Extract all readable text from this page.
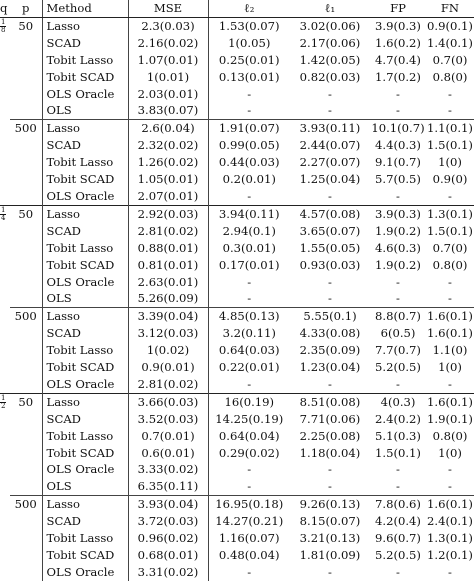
q	p	Method	MSE	ℓ₂	ℓ₁	FP	FN

$\frac{1}{8}$	50	Lasso	2.3(0.03)	1.53(0.07)	3.02(0.06)	3.9(0.3)	0.9(0.1)
		SCAD	2.16(0.02)	1(0.05)	2.17(0.06)	1.6(0.2)	1.4(0.1)
		Tobit Lasso	1.07(0.01)	0.25(0.01)	1.42(0.05)	4.7(0.4)	0.7(0)
		Tobit SCAD	1(0.01)	0.13(0.01)	0.82(0.03)	1.7(0.2)	0.8(0)
		OLS Oracle	2.03(0.01)	-	-	-	-
		OLS	3.83(0.07)	-	-	-	-
	500	Lasso	2.6(0.04)	1.91(0.07)	3.93(0.11)	10.1(0.7)	1.1(0.1)
		SCAD	2.32(0.02)	0.99(0.05)	2.44(0.07)	4.4(0.3)	1.5(0.1)
		Tobit Lasso	1.26(0.02)	0.44(0.03)	2.27(0.07)	9.1(0.7)	1(0)
		Tobit SCAD	1.05(0.01)	0.2(0.01)	1.25(0.04)	5.7(0.5)	0.9(0)
		OLS Oracle	2.07(0.01)	-	-	-	-

$\frac{1}{4}$	50	Lasso	2.92(0.03)	3.94(0.11)	4.57(0.08)	3.9(0.3)	1.3(0.1)
		SCAD	2.81(0.02)	2.94(0.1)	3.65(0.07)	1.9(0.2)	1.5(0.1)
		Tobit Lasso	0.88(0.01)	0.3(0.01)	1.55(0.05)	4.6(0.3)	0.7(0)
		Tobit SCAD	0.81(0.01)	0.17(0.01)	0.93(0.03)	1.9(0.2)	0.8(0)
		OLS Oracle	2.63(0.01)	-	-	-	-
		OLS	5.26(0.09)	-	-	-	-
	500	Lasso	3.39(0.04)	4.85(0.13)	5.55(0.1)	8.8(0.7)	1.6(0.1)
		SCAD	3.12(0.03)	3.2(0.11)	4.33(0.08)	6(0.5)	1.6(0.1)
		Tobit Lasso	1(0.02)	0.64(0.03)	2.35(0.09)	7.7(0.7)	1.1(0)
		Tobit SCAD	0.9(0.01)	0.22(0.01)	1.23(0.04)	5.2(0.5)	1(0)
		OLS Oracle	2.81(0.02)	-	-	-	-

$\frac{1}{2}$	50	Lasso	3.66(0.03)	16(0.19)	8.51(0.08)	4(0.3)	1.6(0.1)
		SCAD	3.52(0.03)	14.25(0.19)	7.71(0.06)	2.4(0.2)	1.9(0.1)
		Tobit Lasso	0.7(0.01)	0.64(0.04)	2.25(0.08)	5.1(0.3)	0.8(0)
		Tobit SCAD	0.6(0.01)	0.29(0.02)	1.18(0.04)	1.5(0.1)	1(0)
		OLS Oracle	3.33(0.02)	-	-	-	-
		OLS	6.35(0.11)	-	-	-	-
	500	Lasso	3.93(0.04)	16.95(0.18)	9.26(0.13)	7.8(0.6)	1.6(0.1)
		SCAD	3.72(0.03)	14.27(0.21)	8.15(0.07)	4.2(0.4)	2.4(0.1)
		Tobit Lasso	0.96(0.02)	1.16(0.07)	3.21(0.13)	9.6(0.7)	1.3(0.1)
		Tobit SCAD	0.68(0.01)	0.48(0.04)	1.81(0.09)	5.2(0.5)	1.2(0.1)
		OLS Oracle	3.31(0.02)	-	-	-	-
